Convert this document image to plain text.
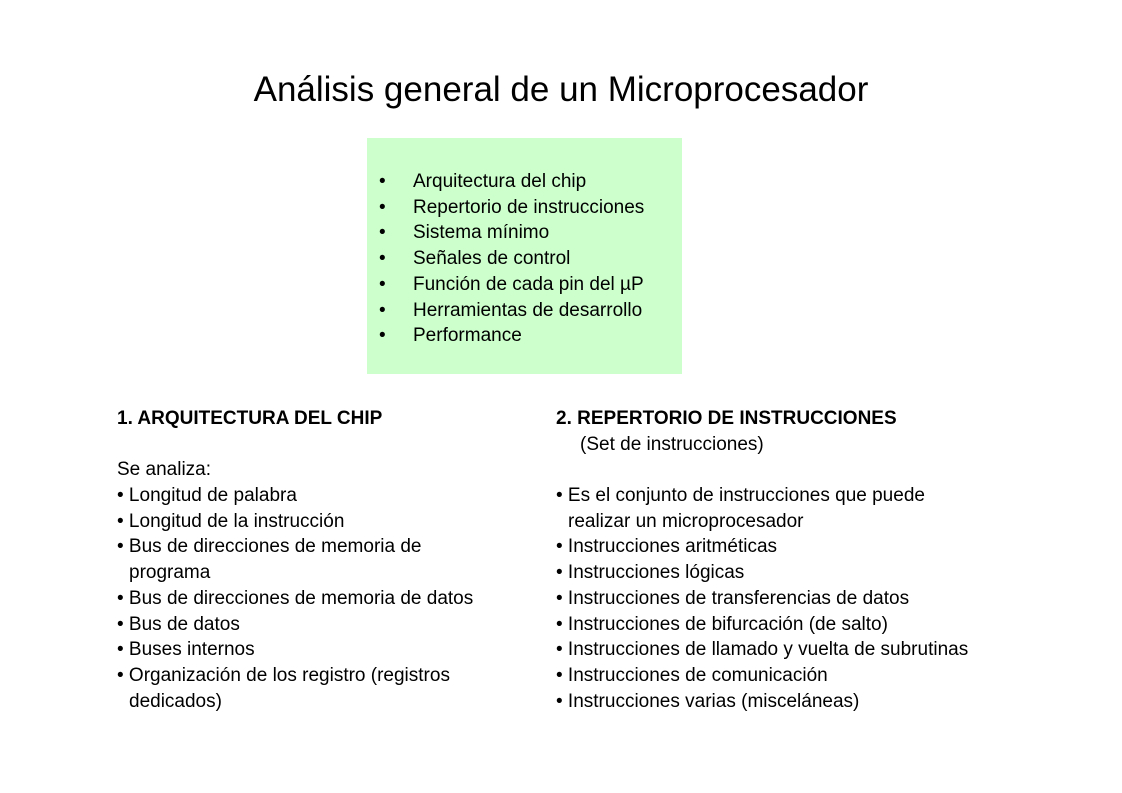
Análisis general de un Microprocesador
•	Arquitectura del chip
•	Repertorio de instrucciones
•	Sistema mínimo
•	Señales de control
•	Función de cada pin del µP
•	Herramientas de desarrollo
•	Performance
1. ARQUITECTURA DEL CHIP
Se analiza:
• Longitud de palabra
• Longitud de la instrucción
• Bus de direcciones de memoria de
programa
• Bus de direcciones de memoria de datos
• Bus de datos
• Buses internos
• Organización de los registro (registros
dedicados)
2. REPERTORIO DE INSTRUCCIONES
(Set de instrucciones)
• Es el conjunto de instrucciones que puede
realizar un microprocesador
• Instrucciones aritméticas
• Instrucciones lógicas
• Instrucciones de transferencias de datos
• Instrucciones de bifurcación (de salto)
• Instrucciones de llamado y vuelta de subrutinas
• Instrucciones de comunicación
• Instrucciones varias (misceláneas)
